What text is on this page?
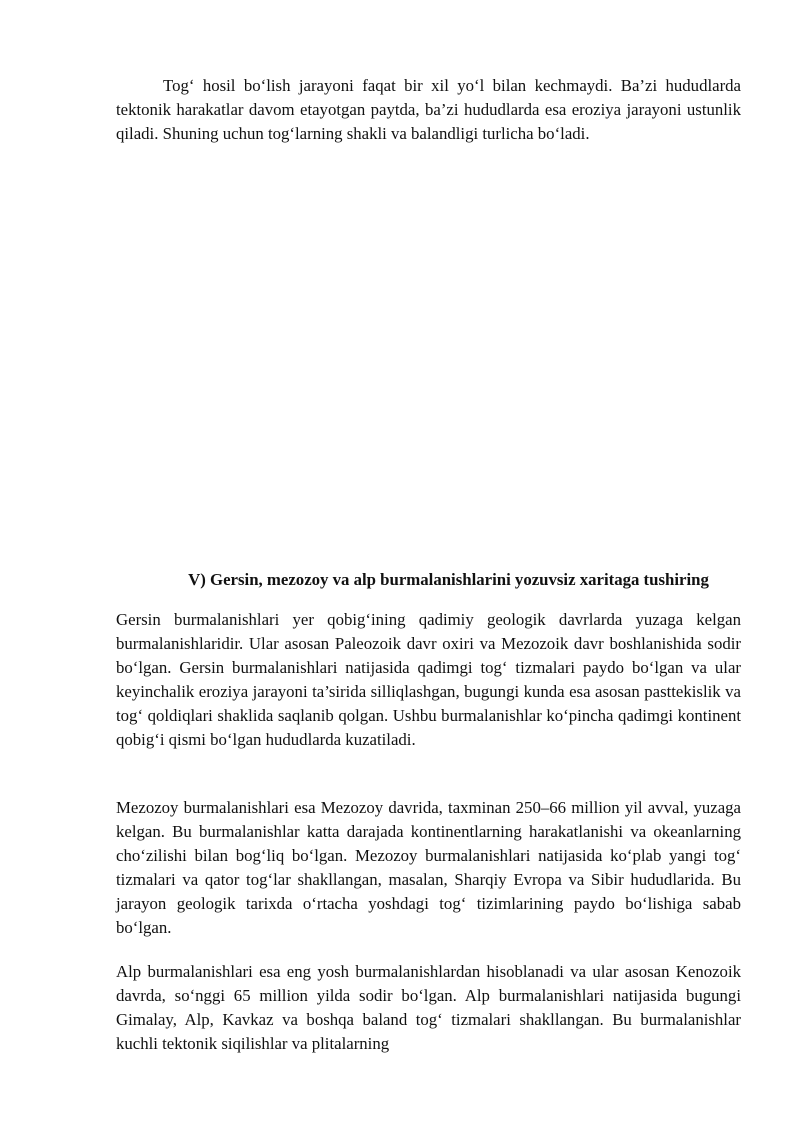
Tog‘ hosil bo‘lish jarayoni faqat bir xil yo‘l bilan kechmaydi. Ba’zi hududlarda tektonik harakatlar davom etayotgan paytda, ba’zi hududlarda esa eroziya jarayoni ustunlik qiladi. Shuning uchun tog‘larning shakli va balandligi turlicha bo‘ladi.

V) Gersin, mezozoy va alp burmalanishlarini yozuvsiz xaritaga tushiring

Gersin burmalanishlari yer qobig‘ining qadimiy geologik davrlarda yuzaga kelgan burmalanishlaridir. Ular asosan Paleozoik davr oxiri va Mezozoik davr boshlanishida sodir bo‘lgan. Gersin burmalanishlari natijasida qadimgi tog‘ tizmalari paydo bo‘lgan va ular keyinchalik eroziya jarayoni ta’sirida silliqlashgan, bugungi kunda esa asosan pasttekislik va tog‘ qoldiqlari shaklida saqlanib qolgan. Ushbu burmalanishlar ko‘pincha qadimgi kontinent qobig‘i qismi bo‘lgan hududlarda kuzatiladi.

Mezozoy burmalanishlari esa Mezozoy davrida, taxminan 250–66 million yil avval, yuzaga kelgan. Bu burmalanishlar katta darajada kontinentlarning harakatlanishi va okeanlarning cho‘zilishi bilan bog‘liq bo‘lgan. Mezozoy burmalanishlari natijasida ko‘plab yangi tog‘ tizmalari va qator tog‘lar shakllangan, masalan, Sharqiy Evropa va Sibir hududlarida. Bu jarayon geologik tarixda o‘rtacha yoshdagi tog‘ tizimlarining paydo bo‘lishiga sabab bo‘lgan.

Alp burmalanishlari esa eng yosh burmalanishlardan hisoblanadi va ular asosan Kenozoik davrda, so‘nggi 65 million yilda sodir bo‘lgan. Alp burmalanishlari natijasida bugungi Gimalay, Alp, Kavkaz va boshqa baland tog‘ tizmalari shakllangan. Bu burmalanishlar kuchli tektonik siqilishlar va plitalarning
